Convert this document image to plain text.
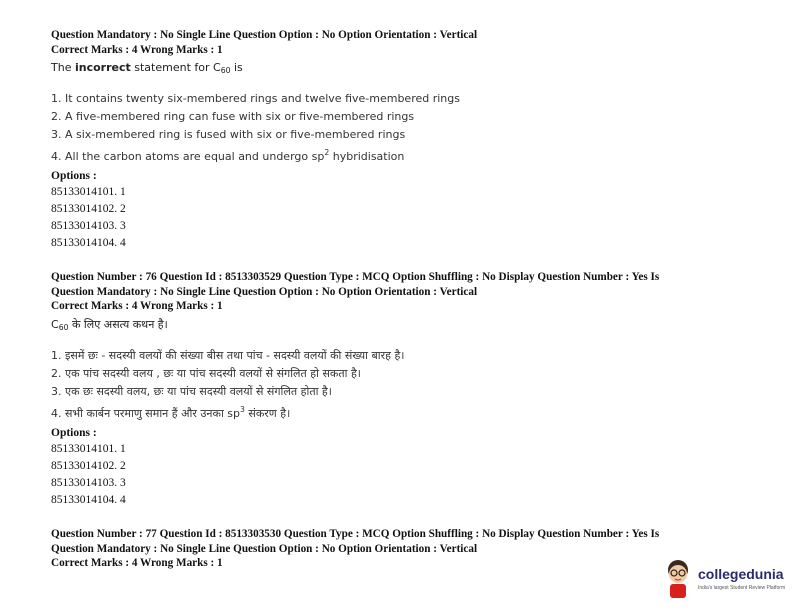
Question Mandatory : No Single Line Question Option : No Option Orientation : Vertical
Correct Marks : 4 Wrong Marks : 1
The incorrect statement for $C_{60}$ is
1. It contains twenty six-membered rings and twelve five-membered rings
2. A five-membered ring can fuse with six or five-membered rings
3. A six-membered ring is fused with six or five-membered rings
4. All the carbon atoms are equal and undergo $sp^2$ hybridisation
Options :
85133014101. 1
85133014102. 2
85133014103. 3
85133014104. 4
Question Number : 76 Question Id : 8513303529 Question Type : MCQ Option Shuffling : No Display Question Number : Yes Is
Question Mandatory : No Single Line Question Option : No Option Orientation : Vertical
Correct Marks : 4 Wrong Marks : 1
$C_{60}$ के लिए असत्य कथन है।
1. इसमें छः - सदस्यी वलयों की संख्या बीस तथा पांच - सदस्यी वलयों की संख्या बारह है।
2. एक पांच सदस्यी वलय , छः या पांच सदस्यी वलयों से संगलित हो सकता है।
3. एक छः सदस्यी वलय, छः या पांच सदस्यी वलयों से संगलित होता है।
4. सभी कार्बन परमाणु समान हैं और उनका $sp^3$ संकरण है।
Options :
85133014101. 1
85133014102. 2
85133014103. 3
85133014104. 4
Question Number : 77 Question Id : 8513303530 Question Type : MCQ Option Shuffling : No Display Question Number : Yes Is
Question Mandatory : No Single Line Question Option : No Option Orientation : Vertical
Correct Marks : 4 Wrong Marks : 1
collegedunia
India's largest Student Review Platform
